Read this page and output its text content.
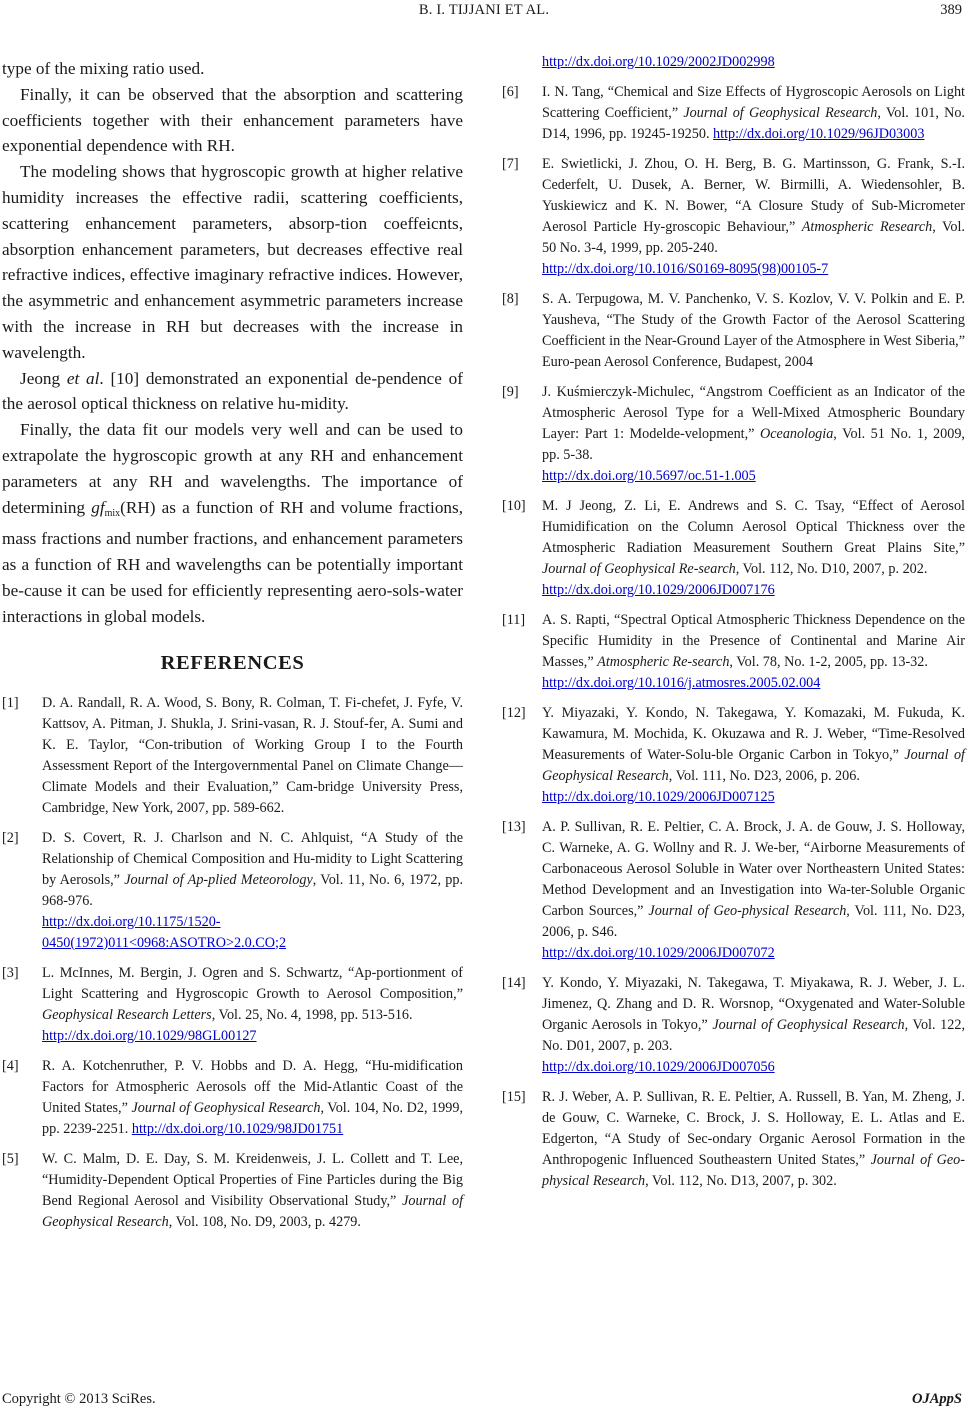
B. I. TIJJANI ET AL.	389

type of the mixing ratio used.

Finally, it can be observed that the absorption and scattering coefficients together with their enhancement parameters have exponential dependence with RH.

The modeling shows that hygroscopic growth at higher relative humidity increases the effective radii, scattering coefficients, scattering enhancement parameters, absorp-tion coeffeicnts, absorption enhancement parameters, but decreases effective real refractive indices, effective imaginary refractive indices. However, the asymmetric and enhancement asymmetric parameters increase with the increase in RH but decreases with the increase in wavelength.

Jeong et al. [10] demonstrated an exponential de-pendence of the aerosol optical thickness on relative hu-midity.

Finally, the data fit our models very well and can be used to extrapolate the hygroscopic growth at any RH and enhancement parameters at any RH and wavelengths. The importance of determining $gf_{mix}(RH)$ as a function of RH and volume fractions, mass fractions and number fractions, and enhancement parameters as a function of RH and wavelengths can be potentially important be-cause it can be used for efficiently representing aero-sols-water interactions in global models.

REFERENCES
[1] D. A. Randall, R. A. Wood, S. Bony, R. Colman, T. Fi-chefet, J. Fyfe, V. Kattsov, A. Pitman, J. Shukla, J. Srini-vasan, R. J. Stouf-fer, A. Sumi and K. E. Taylor, “Con-tribution of Working Group I to the Fourth Assessment Report of the Intergovernmental Panel on Climate Change—Climate Models and their Evaluation,” Cam-bridge University Press, Cambridge, New York, 2007, pp. 589-662.
[2] D. S. Covert, R. J. Charlson and N. C. Ahlquist, “A Study of the Relationship of Chemical Composition and Hu-midity to Light Scattering by Aerosols,” Journal of Ap-plied Meteorology, Vol. 11, No. 6, 1972, pp. 968-976.
http://dx.doi.org/10.1175/1520-0450(1972)011<0968:ASOTRO>2.0.CO;2
[3] L. McInnes, M. Bergin, J. Ogren and S. Schwartz, “Ap-portionment of Light Scattering and Hygroscopic Growth to Aerosol Composition,” Geophysical Research Letters, Vol. 25, No. 4, 1998, pp. 513-516.
http://dx.doi.org/10.1029/98GL00127
[4] R. A. Kotchenruther, P. V. Hobbs and D. A. Hegg, “Hu-midification Factors for Atmospheric Aerosols off the Mid-Atlantic Coast of the United States,” Journal of Geophysical Research, Vol. 104, No. D2, 1999, pp. 2239-2251. http://dx.doi.org/10.1029/98JD01751
[5] W. C. Malm, D. E. Day, S. M. Kreidenweis, J. L. Collett and T. Lee, “Humidity-Dependent Optical Properties of Fine Particles during the Big Bend Regional Aerosol and Visibility Observational Study,” Journal of Geophysical Research, Vol. 108, No. D9, 2003, p. 4279.
http://dx.doi.org/10.1029/2002JD002998
[6] I. N. Tang, “Chemical and Size Effects of Hygroscopic Aerosols on Light Scattering Coefficient,” Journal of Geophysical Research, Vol. 101, No. D14, 1996, pp. 19245-19250. http://dx.doi.org/10.1029/96JD03003
[7] E. Swietlicki, J. Zhou, O. H. Berg, B. G. Martinsson, G. Frank, S.-I. Cederfelt, U. Dusek, A. Berner, W. Birmilli, A. Wiedensohler, B. Yuskiewicz and K. N. Bower, “A Closure Study of Sub-Micrometer Aerosol Particle Hy-groscopic Behaviour,” Atmospheric Research, Vol. 50 No. 3-4, 1999, pp. 205-240.
http://dx.doi.org/10.1016/S0169-8095(98)00105-7
[8] S. A. Terpugowa, M. V. Panchenko, V. S. Kozlov, V. V. Polkin and E. P. Yausheva, “The Study of the Growth Factor of the Aerosol Scattering Coefficient in the Near-Ground Layer of the Atmosphere in West Siberia,” Euro-pean Aerosol Conference, Budapest, 2004
[9] J. Kuśmierczyk-Michulec, “Angstrom Coefficient as an Indicator of the Atmospheric Aerosol Type for a Well-Mixed Atmospheric Boundary Layer: Part 1: Modelde-velopment,” Oceanologia, Vol. 51 No. 1, 2009, pp. 5-38.
http://dx.doi.org/10.5697/oc.51-1.005
[10] M. J Jeong, Z. Li, E. Andrews and S. C. Tsay, “Effect of Aerosol Humidification on the Column Aerosol Optical Thickness over the Atmospheric Radiation Measurement Southern Great Plains Site,” Journal of Geophysical Re-search, Vol. 112, No. D10, 2007, p. 202.
http://dx.doi.org/10.1029/2006JD007176
[11] A. S. Rapti, “Spectral Optical Atmospheric Thickness Dependence on the Specific Humidity in the Presence of Continental and Marine Air Masses,” Atmospheric Re-search, Vol. 78, No. 1-2, 2005, pp. 13-32.
http://dx.doi.org/10.1016/j.atmosres.2005.02.004
[12] Y. Miyazaki, Y. Kondo, N. Takegawa, Y. Komazaki, M. Fukuda, K. Kawamura, M. Mochida, K. Okuzawa and R. J. Weber, “Time-Resolved Measurements of Water-Solu-ble Organic Carbon in Tokyo,” Journal of Geophysical Research, Vol. 111, No. D23, 2006, p. 206.
http://dx.doi.org/10.1029/2006JD007125
[13] A. P. Sullivan, R. E. Peltier, C. A. Brock, J. A. de Gouw, J. S. Holloway, C. Warneke, A. G. Wollny and R. J. We-ber, “Airborne Measurements of Carbonaceous Aerosol Soluble in Water over Northeastern United States: Method Development and an Investigation into Wa-ter-Soluble Organic Carbon Sources,” Journal of Geo-physical Research, Vol. 111, No. D23, 2006, p. S46.
http://dx.doi.org/10.1029/2006JD007072
[14] Y. Kondo, Y. Miyazaki, N. Takegawa, T. Miyakawa, R. J. Weber, J. L. Jimenez, Q. Zhang and D. R. Worsnop, “Oxygenated and Water-Soluble Organic Aerosols in Tokyo,” Journal of Geophysical Research, Vol. 122, No. D01, 2007, p. 203.
http://dx.doi.org/10.1029/2006JD007056
[15] R. J. Weber, A. P. Sullivan, R. E. Peltier, A. Russell, B. Yan, M. Zheng, J. de Gouw, C. Warneke, C. Brock, J. S. Holloway, E. L. Atlas and E. Edgerton, “A Study of Sec-ondary Organic Aerosol Formation in the Anthropogenic Influenced Southeastern United States,” Journal of Geo-physical Research, Vol. 112, No. D13, 2007, p. 302.
Copyright © 2013 SciRes.	OJAppS
